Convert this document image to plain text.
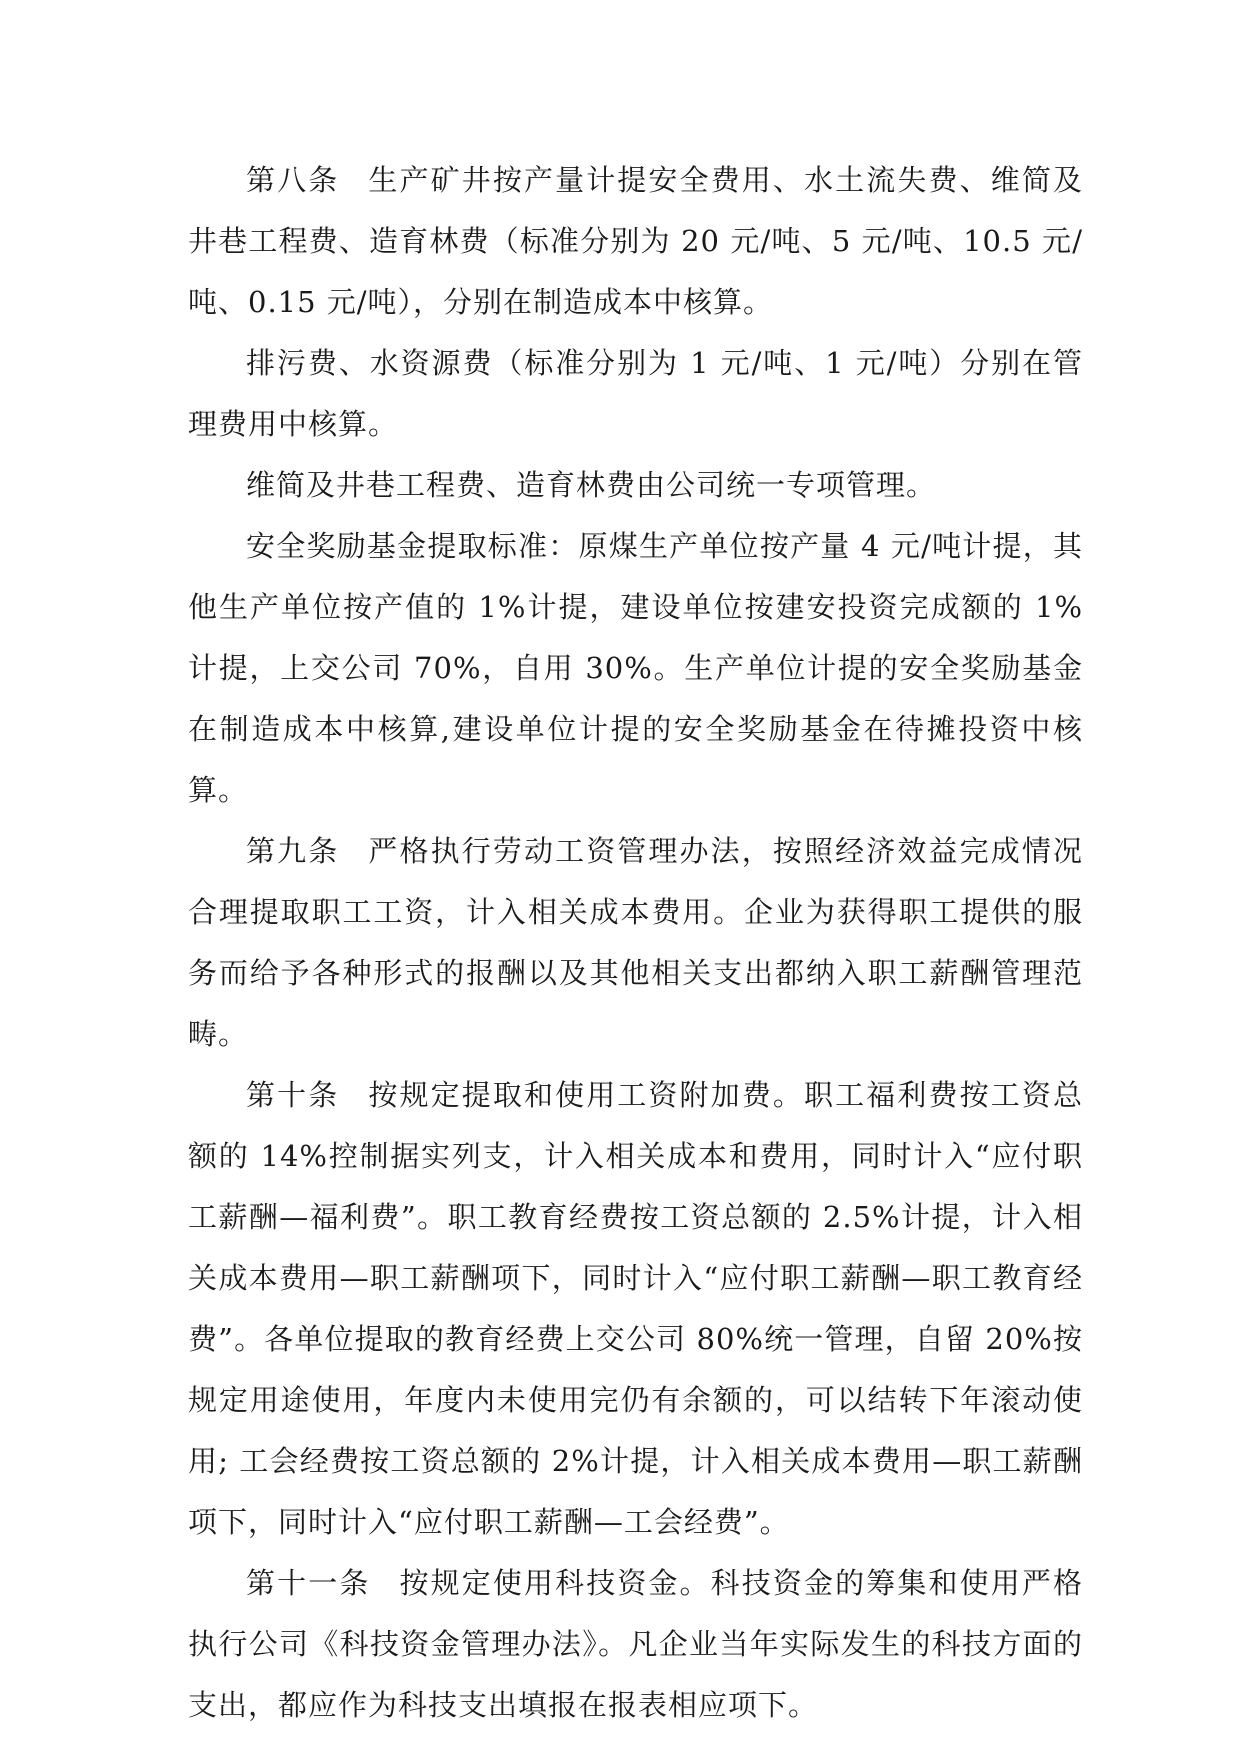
第八条 生产矿井按产量计提安全费用、水土流失费、维简及井巷工程费、造育林费（标准分别为 20 元/吨、5 元/吨、10.5 元/吨、0.15 元/吨），分别在制造成本中核算。

排污费、水资源费（标准分别为 1 元/吨、1 元/吨）分别在管理费用中核算。

维简及井巷工程费、造育林费由公司统一专项管理。

安全奖励基金提取标准：原煤生产单位按产量 4 元/吨计提，其他生产单位按产值的 1%计提，建设单位按建安投资完成额的 1%计提，上交公司 70%，自用 30%。生产单位计提的安全奖励基金在制造成本中核算,建设单位计提的安全奖励基金在待摊投资中核算。

第九条 严格执行劳动工资管理办法，按照经济效益完成情况合理提取职工工资，计入相关成本费用。企业为获得职工提供的服务而给予各种形式的报酬以及其他相关支出都纳入职工薪酬管理范畴。

第十条 按规定提取和使用工资附加费。职工福利费按工资总额的 14%控制据实列支，计入相关成本和费用，同时计入“应付职工薪酬—福利费”。职工教育经费按工资总额的 2.5%计提，计入相关成本费用—职工薪酬项下，同时计入“应付职工薪酬—职工教育经费”。各单位提取的教育经费上交公司 80%统一管理，自留 20%按规定用途使用，年度内未使用完仍有余额的，可以结转下年滚动使用; 工会经费按工资总额的 2%计提，计入相关成本费用—职工薪酬项下，同时计入“应付职工薪酬—工会经费”。

第十一条 按规定使用科技资金。科技资金的筹集和使用严格执行公司《科技资金管理办法》。凡企业当年实际发生的科技方面的支出，都应作为科技支出填报在报表相应项下。
